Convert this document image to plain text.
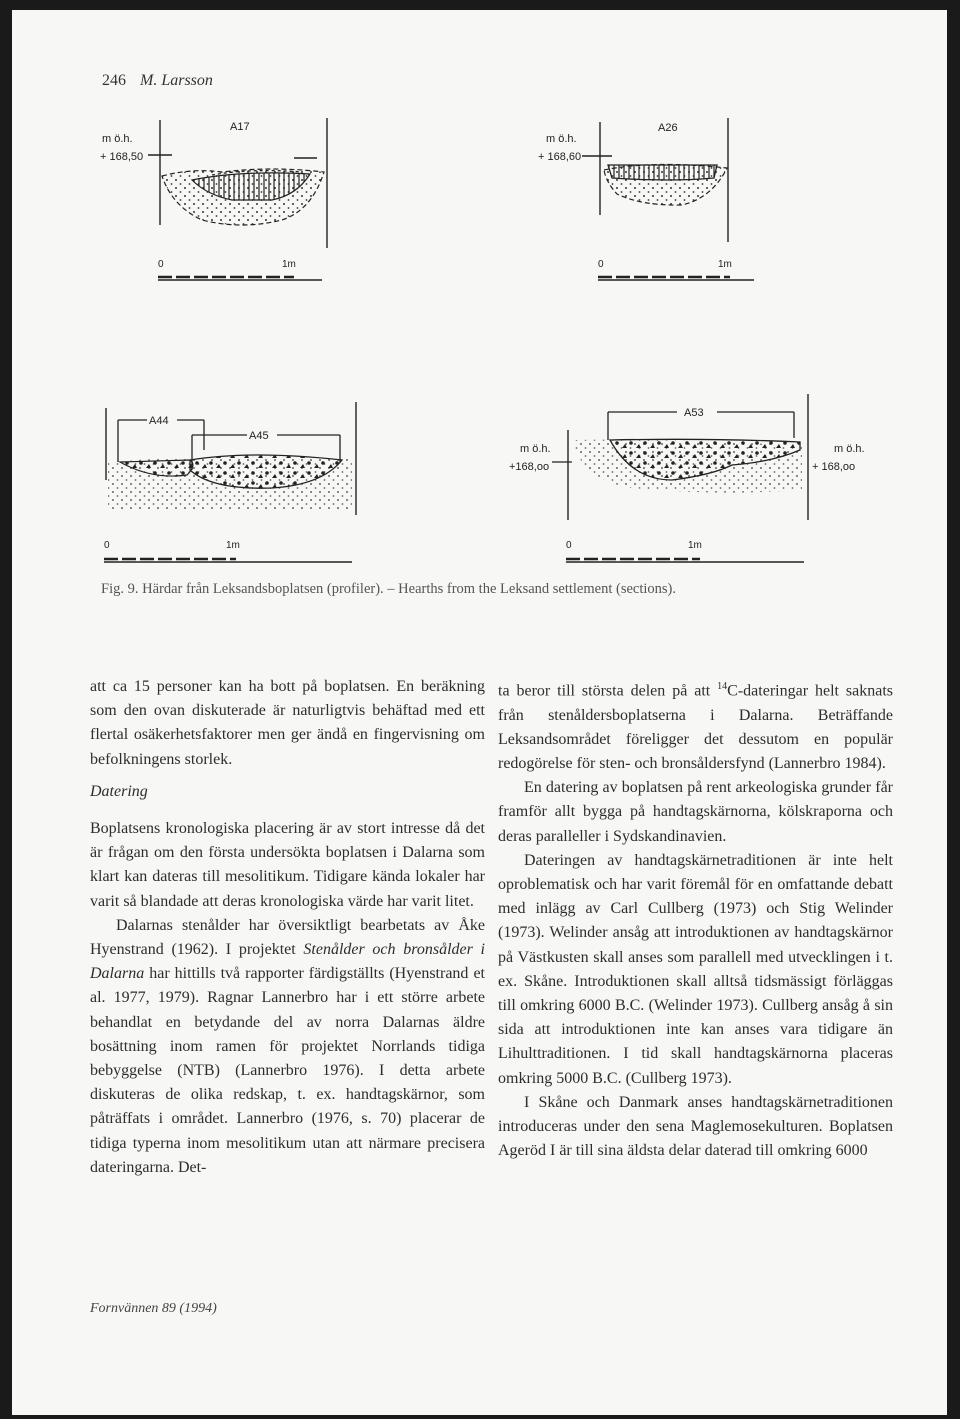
246 M. Larsson
m ö.h.
+ 168,50
A17
0	1m
m ö.h.
+ 168,60
A26
0	1m
A44
A45
0	1m
m ö.h.
+168,oo
m ö.h.
+ 168,oo
A53
0	1m
Fig. 9. Härdar från Leksandsboplatsen (profiler). – Hearths from the Leksand settlement (sections).

att ca 15 personer kan ha bott på boplatsen. En beräkning som den ovan diskuterade är naturligtvis behäftad med ett flertal osäkerhetsfaktorer men ger ändå en fingervisning om befolkningens storlek.

Datering

Boplatsens kronologiska placering är av stort intresse då det är frågan om den första undersökta boplatsen i Dalarna som klart kan dateras till mesolitikum. Tidigare kända lokaler har varit så blandade att deras kronologiska värde har varit litet.

Dalarnas stenålder har översiktligt bearbetats av Åke Hyenstrand (1962). I projektet Stenålder och bronsålder i Dalarna har hittills två rapporter färdigställts (Hyenstrand et al. 1977, 1979). Ragnar Lannerbro har i ett större arbete behandlat en betydande del av norra Dalarnas äldre bosättning inom ramen för projektet Norrlands tidiga bebyggelse (NTB) (Lannerbro 1976). I detta arbete diskuteras de olika redskap, t. ex. handtagskärnor, som påträffats i området. Lannerbro (1976, s. 70) placerar de tidiga typerna inom mesolitikum utan att närmare precisera dateringarna. Det-

ta beror till största delen på att $^{14}$C-dateringar helt saknats från stenåldersboplatserna i Dalarna. Beträffande Leksandsområdet föreligger det dessutom en populär redogörelse för sten- och bronsåldersfynd (Lannerbro 1984).

En datering av boplatsen på rent arkeologiska grunder får framför allt bygga på handtagskärnorna, kölskraporna och deras paralleller i Sydskandinavien.

Dateringen av handtagskärnetraditionen är inte helt oproblematisk och har varit föremål för en omfattande debatt med inlägg av Carl Cullberg (1973) och Stig Welinder (1973). Welinder ansåg att introduktionen av handtagskärnor på Västkusten skall anses som parallell med utvecklingen i t. ex. Skåne. Introduktionen skall alltså tidsmässigt förläggas till omkring 6000 B.C. (Welinder 1973). Cullberg ansåg å sin sida att introduktionen inte kan anses vara tidigare än Lihulttraditionen. I tid skall handtagskärnorna placeras omkring 5000 B.C. (Cullberg 1973).

I Skåne och Danmark anses handtagskärnetraditionen introduceras under den sena Maglemosekulturen. Boplatsen Ageröd I är till sina äldsta delar daterad till omkring 6000

Fornvännen 89 (1994)
